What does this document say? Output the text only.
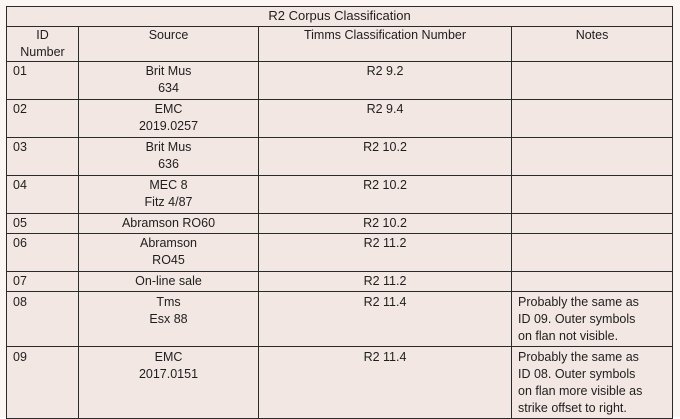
R2 Corpus Classification			
ID Number	Source	Timms Classification Number	Notes
01	Brit Mus
634	R2 9.2	
02	EMC
2019.0257	R2 9.4	
03	Brit Mus
636	R2 10.2	
04	MEC 8
Fitz 4/87	R2 10.2	
05	Abramson RO60	R2 10.2	
06	Abramson
RO45	R2 11.2	
07	On-line sale	R2 11.2	
08	Tms
Esx 88	R2 11.4	Probably the same as
ID 09. Outer symbols
on flan not visible.

09	EMC
2017.0151	R2 11.4	Probably the same as
ID 08. Outer symbols
on flan more visible as
strike offset to right.
